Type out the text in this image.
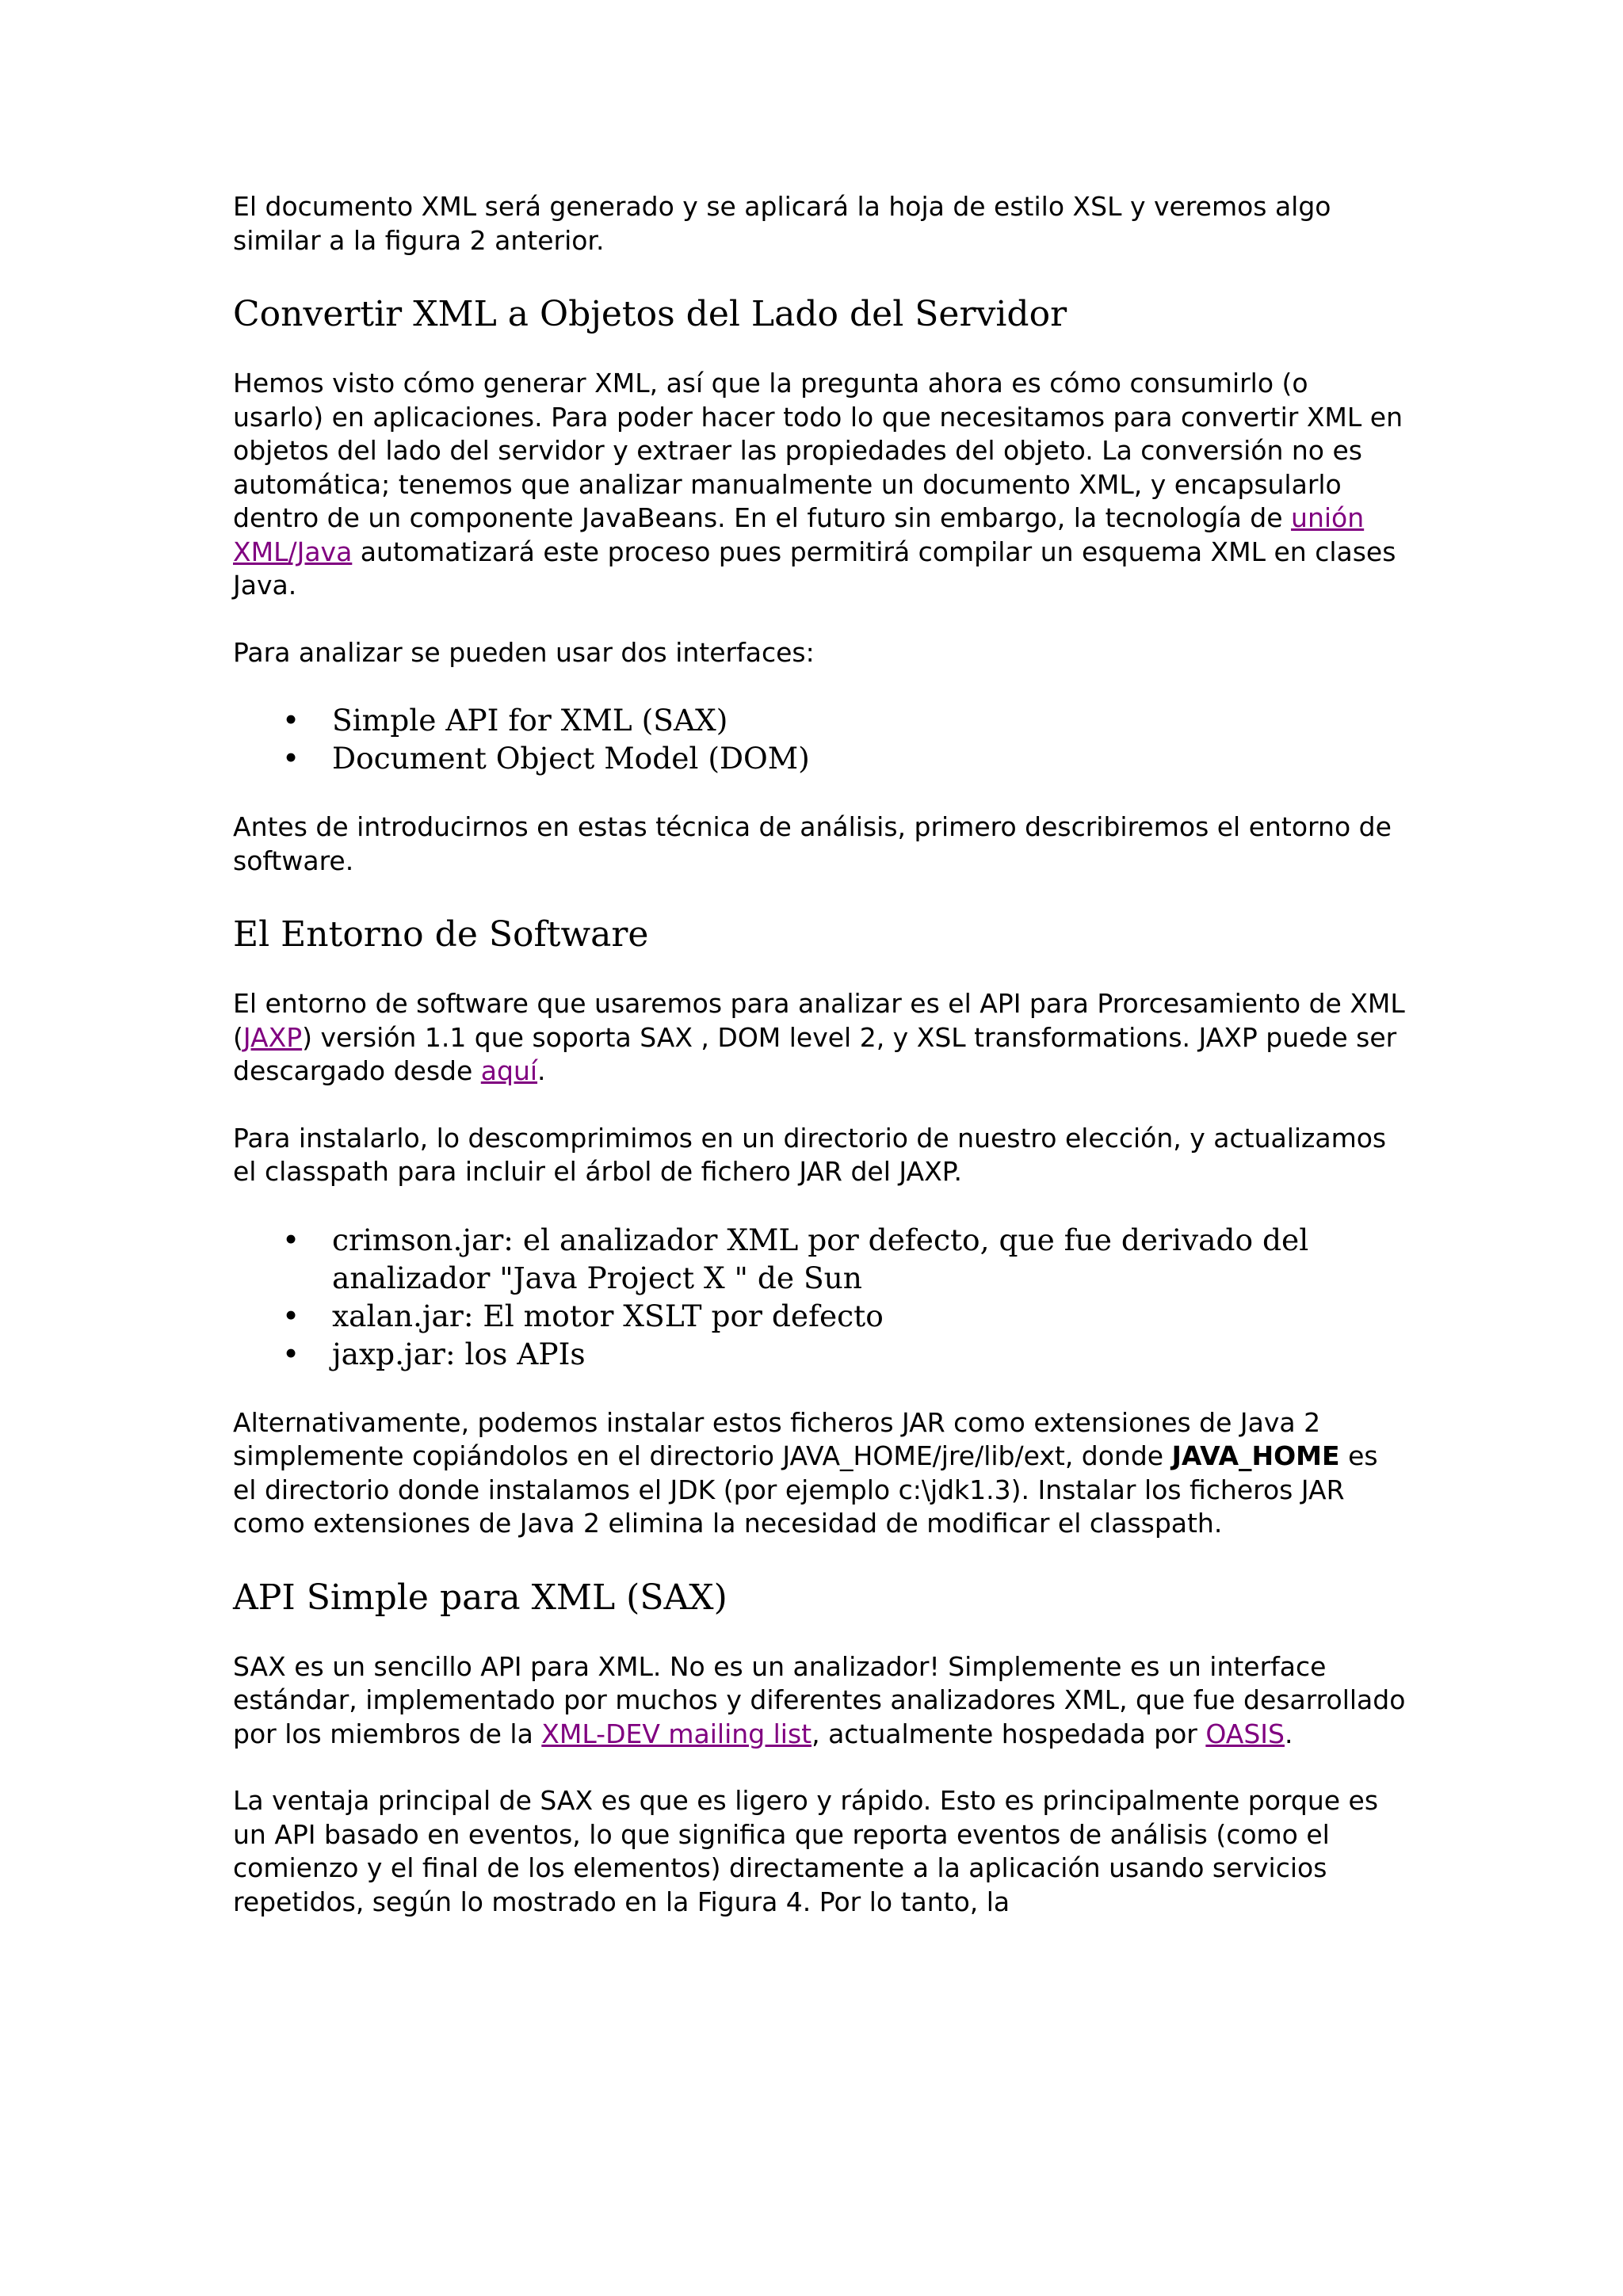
El documento XML será generado y se aplicará la hoja de estilo XSL y veremos algo similar a la figura 2 anterior.

Convertir XML a Objetos del Lado del Servidor

Hemos visto cómo generar XML, así que la pregunta ahora es cómo consumirlo (o usarlo) en aplicaciones. Para poder hacer todo lo que necesitamos para convertir XML en objetos del lado del servidor y extraer las propiedades del objeto. La conversión no es automática; tenemos que analizar manualmente un documento XML, y encapsularlo dentro de un componente JavaBeans. En el futuro sin embargo, la tecnología de unión XML/Java automatizará este proceso pues permitirá compilar un esquema XML en clases Java.

Para analizar se pueden usar dos interfaces:

• Simple API for XML (SAX)
• Document Object Model (DOM)

Antes de introducirnos en estas técnica de análisis, primero describiremos el entorno de software.

El Entorno de Software

El entorno de software que usaremos para analizar es el API para Prorcesamiento de XML (JAXP) versión 1.1 que soporta SAX , DOM level 2, y XSL transformations. JAXP puede ser descargado desde aquí.

Para instalarlo, lo descomprimimos en un directorio de nuestro elección, y actualizamos el classpath para incluir el árbol de fichero JAR del JAXP.

• crimson.jar: el analizador XML por defecto, que fue derivado del analizador "Java Project X " de Sun
• xalan.jar: El motor XSLT por defecto
• jaxp.jar: los APIs

Alternativamente, podemos instalar estos ficheros JAR como extensiones de Java 2 simplemente copiándolos en el directorio JAVA_HOME/jre/lib/ext, donde JAVA_HOME es el directorio donde instalamos el JDK (por ejemplo c:\jdk1.3). Instalar los ficheros JAR como extensiones de Java 2 elimina la necesidad de modificar el classpath.

API Simple para XML (SAX)

SAX es un sencillo API para XML. No es un analizador! Simplemente es un interface estándar, implementado por muchos y diferentes analizadores XML, que fue desarrollado por los miembros de la XML-DEV mailing list, actualmente hospedada por OASIS.

La ventaja principal de SAX es que es ligero y rápido. Esto es principalmente porque es un API basado en eventos, lo que significa que reporta eventos de análisis (como el comienzo y el final de los elementos) directamente a la aplicación usando servicios repetidos, según lo mostrado en la Figura 4. Por lo tanto, la
